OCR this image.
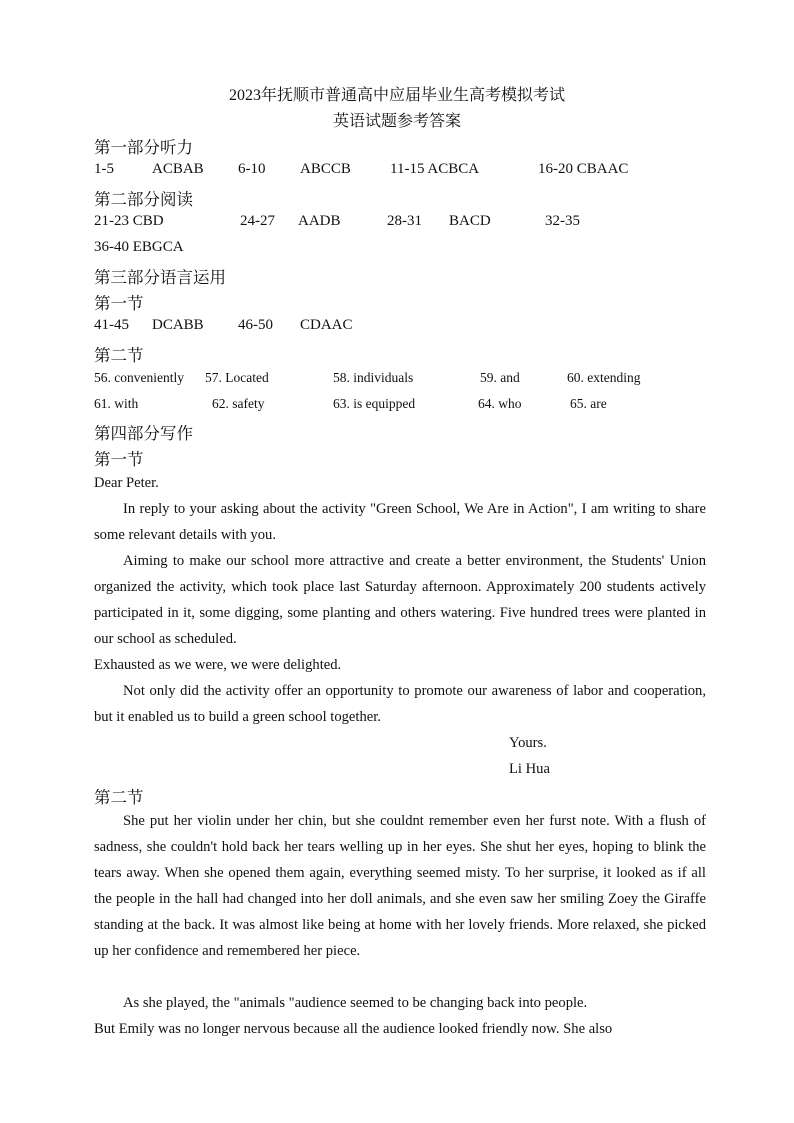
2023年抚顺市普通高中应届毕业生高考模拟考试
英语试题参考答案
第一部分听力
1-5	ACBAB 6-10 ABCCB	11-15 ACBCA	16-20 CBAAC
第二部分阅读
21-23 CBD	24-27 AADB	28-31 BACD	32-35
36-40 EBGCA
第三部分语言运用
第一节
41-45 DCABB 46-50 CDAAC
第二节
56. conveniently 57. Located	58. individuals	59. and	60. extending
61. with	62. safety	63. is equipped	64. who	65. are
第四部分写作
第一节
Dear Peter.
In reply to your asking about the activity "Green School, We Are in Action", I am writing to share some relevant details with you.
Aiming to make our school more attractive and create a better environment, the Students' Union organized the activity, which took place last Saturday afternoon. Approximately 200 students actively participated in it, some digging, some planting and others watering. Five hundred trees were planted in our school as scheduled.
Exhausted as we were, we were delighted.
Not only did the activity offer an opportunity to promote our awareness of labor and cooperation, but it enabled us to build a green school together.
Yours.
Li Hua
第二节
She put her violin under her chin, but she couldnt remember even her furst note. With a flush of sadness, she couldn't hold back her tears welling up in her eyes. She shut her eyes, hoping to blink the tears away. When she opened them again, everything seemed misty. To her surprise, it looked as if all the people in the hall had changed into her doll animals, and she even saw her smiling Zoey the Giraffe standing at the back. It was almost like being at home with her lovely friends. More relaxed, she picked up her confidence and remembered her piece.
As she played, the "animals "audience seemed to be changing back into people.
But Emily was no longer nervous because all the audience looked friendly now. She also
